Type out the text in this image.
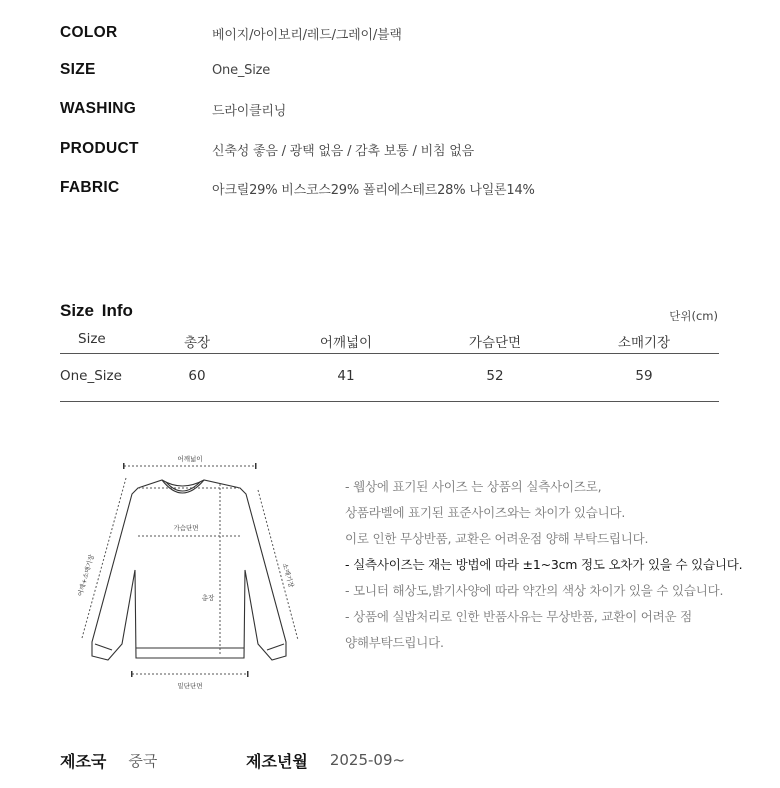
COLOR	베이지/아이보리/레드/그레이/블랙
SIZE	One_Size
WASHING	드라이클리닝
PRODUCT	신축성 좋음 / 광택 없음 / 감촉 보통 / 비침 없음
FABRIC	아크릴29% 비스코스29% 폴리에스테르28% 나일론14%
Size Info	단위(cm)
Size	총장	어깨넓이	가슴단면	소매기장
One_Size	60	41	52	59
어깨넓이
가슴단면
총장
밑단단면
어깨+소매기장	소매기장
- 웹상에 표기된 사이즈 는 상품의 실측사이즈로,
상품라벨에 표기된 표준사이즈와는 차이가 있습니다.
이로 인한 무상반품, 교환은 어려운점 양해 부탁드립니다.
- 실측사이즈는 재는 방법에 따라 ±1~3cm 정도 오차가 있을 수 있습니다.
- 모니터 해상도,밝기사양에 따라 약간의 색상 차이가 있을 수 있습니다.
- 상품에 실밥처리로 인한 반품사유는 무상반품, 교환이 어려운 점
양해부탁드립니다.
제조국 중국	제조년월 2025-09~
